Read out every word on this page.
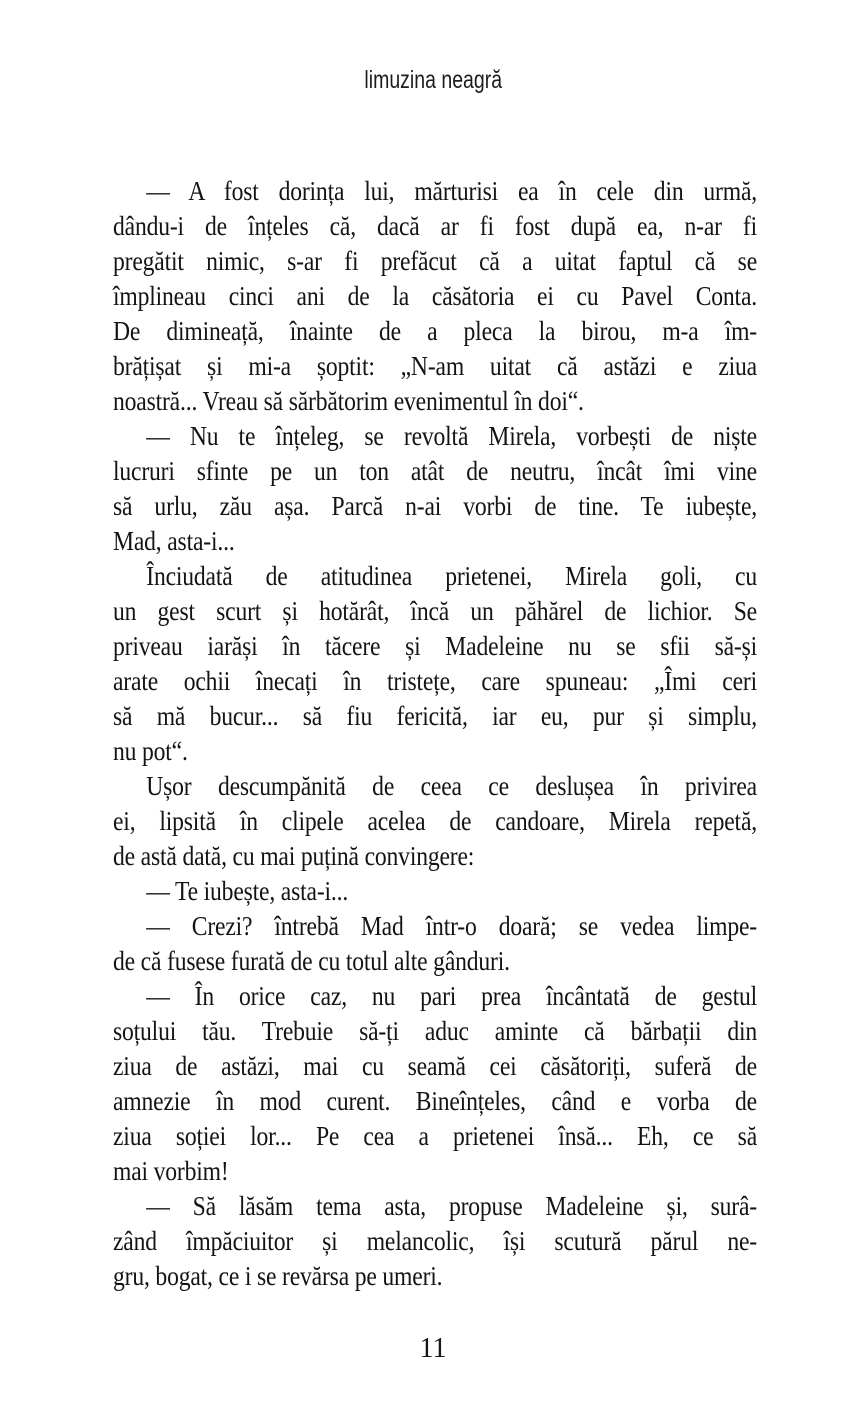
limuzina neagră
— A fost dorința lui, mărturisi ea în cele din urmă,
dându-i de înțeles că, dacă ar fi fost după ea, n-ar fi
pregătit nimic, s-ar fi prefăcut că a uitat faptul că se
împlineau cinci ani de la căsătoria ei cu Pavel Conta.
De dimineață, înainte de a pleca la birou, m-a îm-
brățișat și mi-a șoptit: „N-am uitat că astăzi e ziua
noastră... Vreau să sărbătorim evenimentul în doi“.
— Nu te înțeleg, se revoltă Mirela, vorbești de niște
lucruri sfinte pe un ton atât de neutru, încât îmi vine
să urlu, zău așa. Parcă n-ai vorbi de tine. Te iubește,
Mad, asta-i...
Înciudată de atitudinea prietenei, Mirela goli, cu
un gest scurt și hotărât, încă un păhărel de lichior. Se
priveau iarăși în tăcere și Madeleine nu se sfii să-și
arate ochii înecați în tristețe, care spuneau: „Îmi ceri
să mă bucur... să fiu fericită, iar eu, pur și simplu,
nu pot“.
Ușor descumpănită de ceea ce deslușea în privirea
ei, lipsită în clipele acelea de candoare, Mirela repetă,
de astă dată, cu mai puțină convingere:
— Te iubește, asta-i...
— Crezi? întrebă Mad într-o doară; se vedea limpe-
de că fusese furată de cu totul alte gânduri.
— În orice caz, nu pari prea încântată de gestul
soțului tău. Trebuie să-ți aduc aminte că bărbații din
ziua de astăzi, mai cu seamă cei căsătoriți, suferă de
amnezie în mod curent. Bineînțeles, când e vorba de
ziua soției lor... Pe cea a prietenei însă... Eh, ce să
mai vorbim!
— Să lăsăm tema asta, propuse Madeleine și, surâ-
zând împăciuitor și melancolic, își scutură părul ne-
gru, bogat, ce i se revărsa pe umeri.
11
